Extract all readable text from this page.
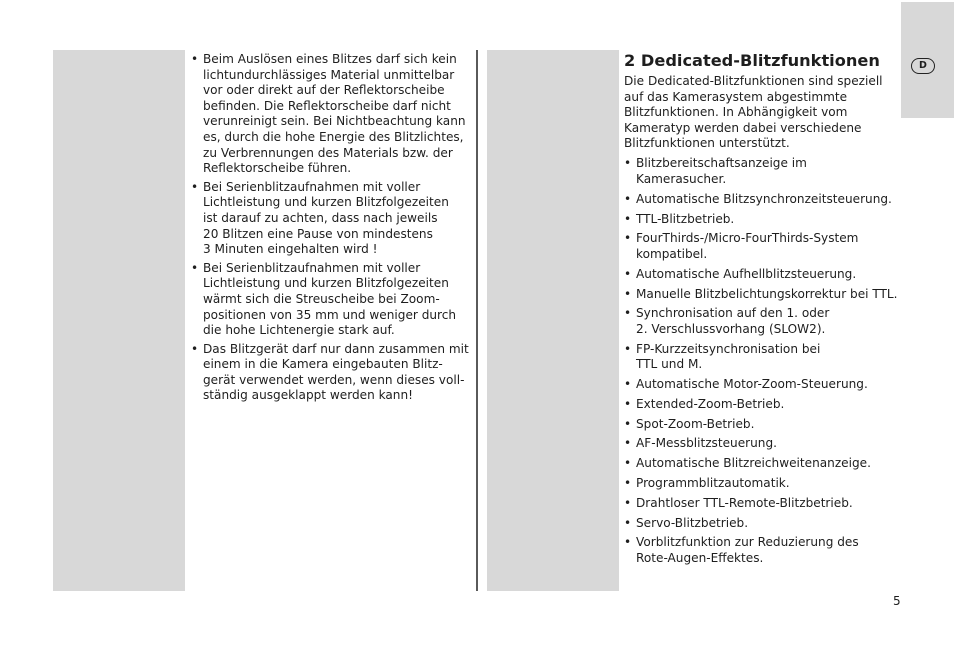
D
• Beim Auslösen eines Blitzes darf sich kein
lichtundurchlässiges Material unmittelbar
vor oder direkt auf der Reflektorscheibe
befinden. Die Reflektorscheibe darf nicht
verunreinigt sein. Bei Nichtbeachtung kann
es, durch die hohe Energie des Blitzlichtes,
zu Verbrennungen des Materials bzw. der
Reflektorscheibe führen.
• Bei Serienblitzaufnahmen mit voller
Lichtleistung und kurzen Blitzfolgezeiten
ist darauf zu achten, dass nach jeweils
20 Blitzen eine Pause von mindestens
3 Minuten eingehalten wird !
• Bei Serienblitzaufnahmen mit voller
Lichtleistung und kurzen Blitzfolgezeiten
wärmt sich die Streuscheibe bei Zoom-
positionen von 35 mm und weniger durch
die hohe Lichtenergie stark auf.
• Das Blitzgerät darf nur dann zusammen mit
einem in die Kamera eingebauten Blitz-
gerät verwendet werden, wenn dieses voll-
ständig ausgeklappt werden kann!
2 Dedicated-Blitzfunktionen

Die Dedicated-Blitzfunktionen sind speziell
auf das Kamerasystem abgestimmte
Blitzfunktionen. In Abhängigkeit vom
Kameratyp werden dabei verschiedene
Blitzfunktionen unterstützt.

• Blitzbereitschaftsanzeige im
Kamerasucher.
• Automatische Blitzsynchronzeitsteuerung.
• TTL-Blitzbetrieb.
• FourThirds-/Micro-FourThirds-System
kompatibel.
• Automatische Aufhellblitzsteuerung.
• Manuelle Blitzbelichtungskorrektur bei TTL.
• Synchronisation auf den 1. oder
2. Verschlussvorhang (SLOW2).
• FP-Kurzzeitsynchronisation bei
TTL und M.
• Automatische Motor-Zoom-Steuerung.
• Extended-Zoom-Betrieb.
• Spot-Zoom-Betrieb.
• AF-Messblitzsteuerung.
• Automatische Blitzreichweitenanzeige.
• Programmblitzautomatik.
• Drahtloser TTL-Remote-Blitzbetrieb.
• Servo-Blitzbetrieb.
• Vorblitzfunktion zur Reduzierung des
Rote-Augen-Effektes.
5
